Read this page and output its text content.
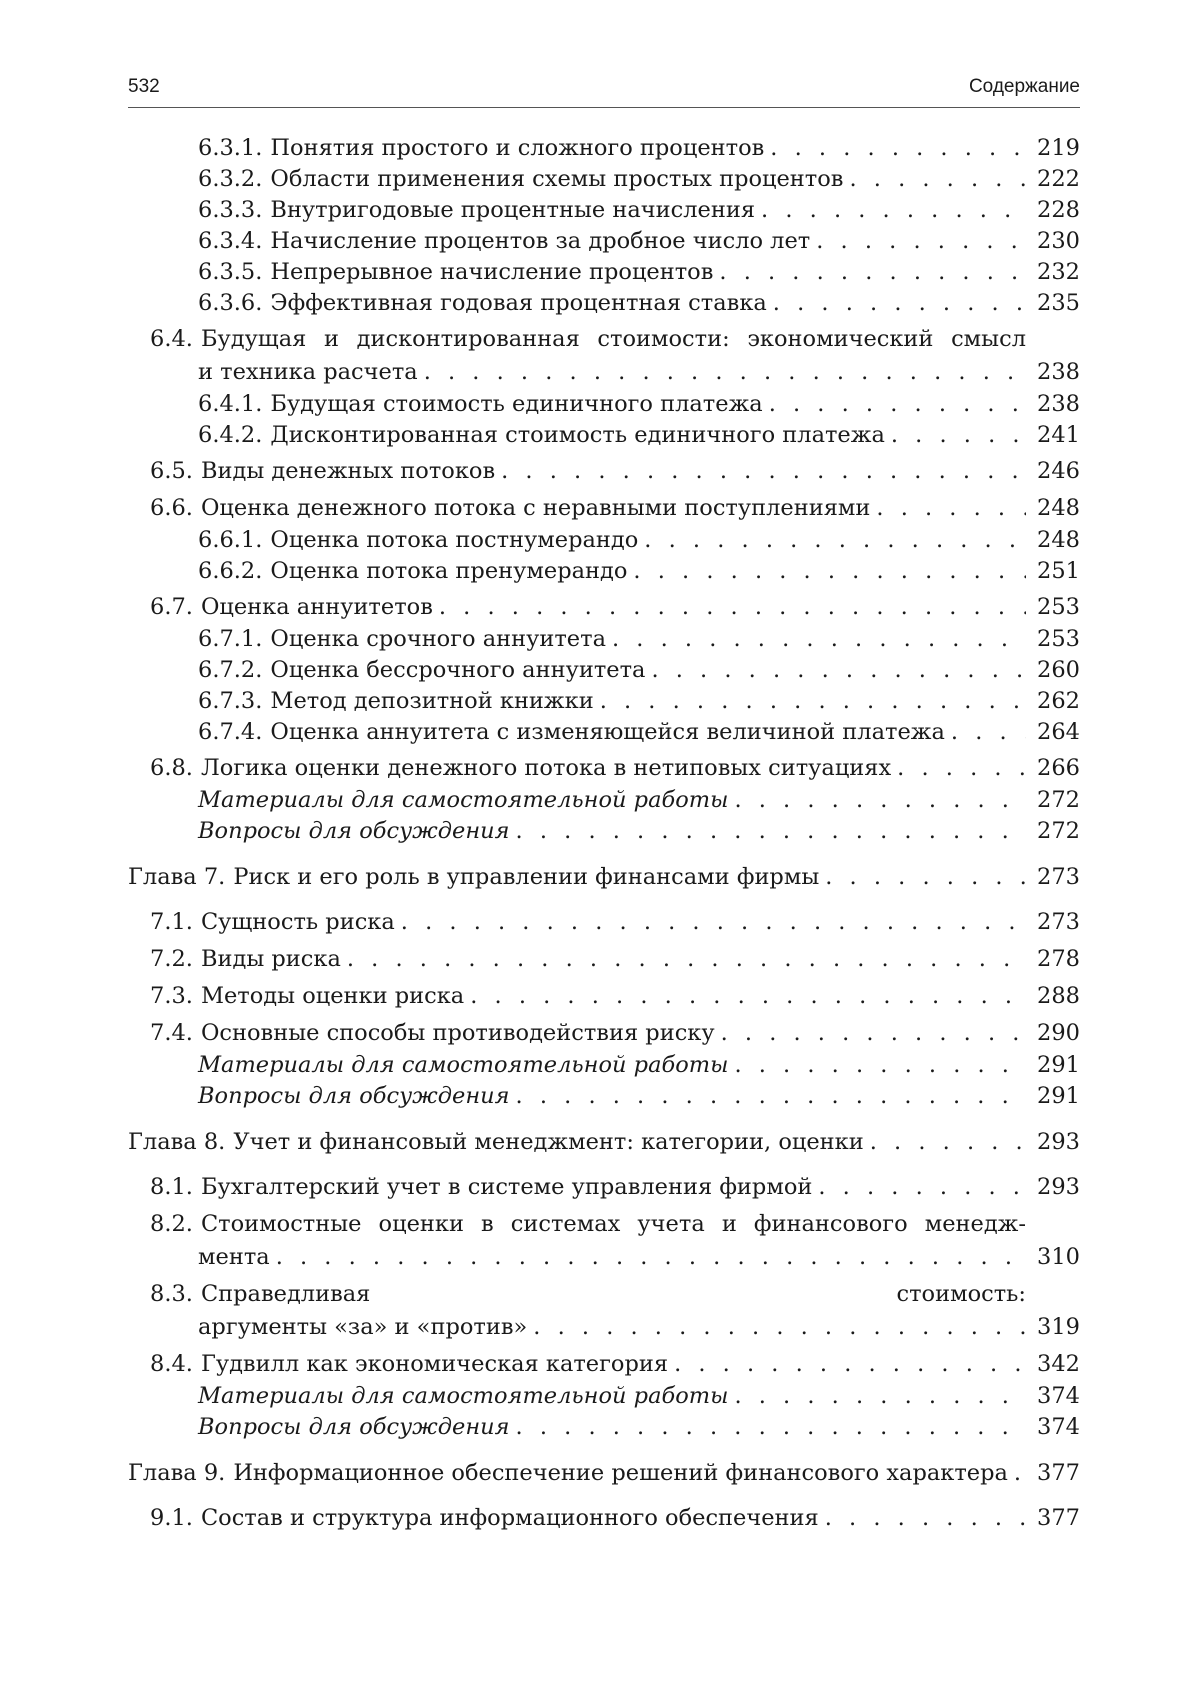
532	Содержание
6.3.1. Понятия простого и сложного процентов . . .	219
6.3.2. Области применения схемы простых процентов . . .	222
6.3.3. Внутригодовые процентные начисления . . .	228
6.3.4. Начисление процентов за дробное число лет . . .	230
6.3.5. Непрерывное начисление процентов . . .	232
6.3.6. Эффективная годовая процентная ставка . . .	235
6.4. Будущая и дисконтированная стоимости: экономический смысл
и техника расчета . . .	238
6.4.1. Будущая стоимость единичного платежа . . .	238
6.4.2. Дисконтированная стоимость единичного платежа . . .	241
6.5. Виды денежных потоков . . .	246
6.6. Оценка денежного потока с неравными поступлениями . . .	248
6.6.1. Оценка потока постнумерандо . . .	248
6.6.2. Оценка потока пренумерандо . . .	251
6.7. Оценка аннуитетов . . .	253
6.7.1. Оценка срочного аннуитета . . .	253
6.7.2. Оценка бессрочного аннуитета . . .	260
6.7.3. Метод депозитной книжки . . .	262
6.7.4. Оценка аннуитета с изменяющейся величиной платежа . . .	264
6.8. Логика оценки денежного потока в нетиповых ситуациях . . .	266
Материалы для самостоятельной работы . . .	272
Вопросы для обсуждения . . .	272
Глава 7. Риск и его роль в управлении финансами фирмы . . .	273
7.1. Сущность риска . . .	273
7.2. Виды риска . . .	278
7.3. Методы оценки риска . . .	288
7.4. Основные способы противодействия риску . . .	290
Материалы для самостоятельной работы . . .	291
Вопросы для обсуждения . . .	291
Глава 8. Учет и финансовый менеджмент: категории, оценки . . .	293
8.1. Бухгалтерский учет в системе управления фирмой . . .	293
8.2. Стоимостные оценки в системах учета и финансового менедж-
мента . . .	310
8.3. Справедливая стоимость:
аргументы «за» и «против» . . .	319
8.4. Гудвилл как экономическая категория . . .	342
Материалы для самостоятельной работы . . .	374
Вопросы для обсуждения . . .	374
Глава 9. Информационное обеспечение решений финансового характера . . . 377
9.1. Состав и структура информационного обеспечения . . .	377
